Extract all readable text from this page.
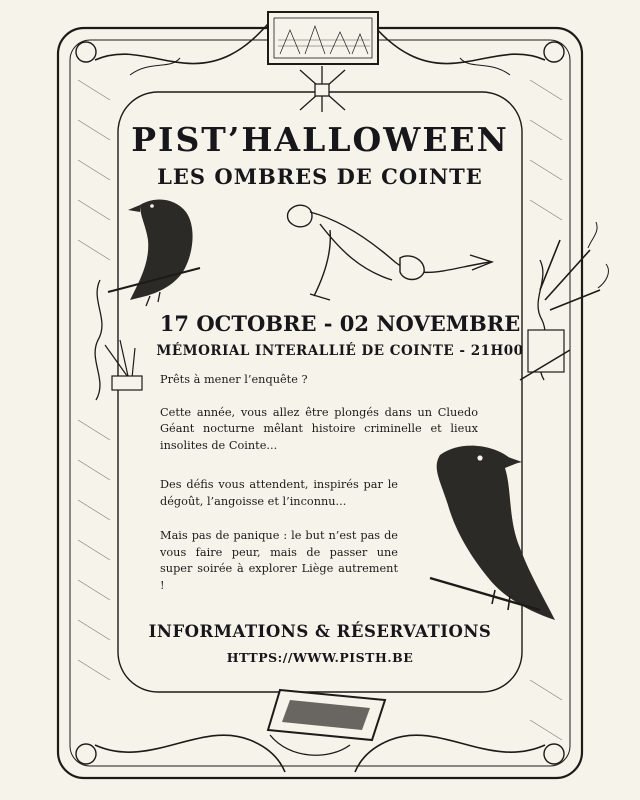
PIST’HALLOWEEN
LES OMBRES DE COINTE
17 OCTOBRE - 02 NOVEMBRE
MÉMORIAL INTERALLIÉ DE COINTE - 21H00

Prêts à mener l’enquête ?

Cette année, vous allez être plongés dans un Cluedo Géant nocturne mêlant histoire criminelle et lieux insolites de Cointe...

Des défis vous attendent, inspirés par le dégoût, l’angoisse et l’inconnu...

Mais pas de panique : le but n’est pas de vous faire peur, mais de passer une super soirée à explorer Liège autrement !

INFORMATIONS & RÉSERVATIONS
HTTPS://WWW.PISTH.BE
